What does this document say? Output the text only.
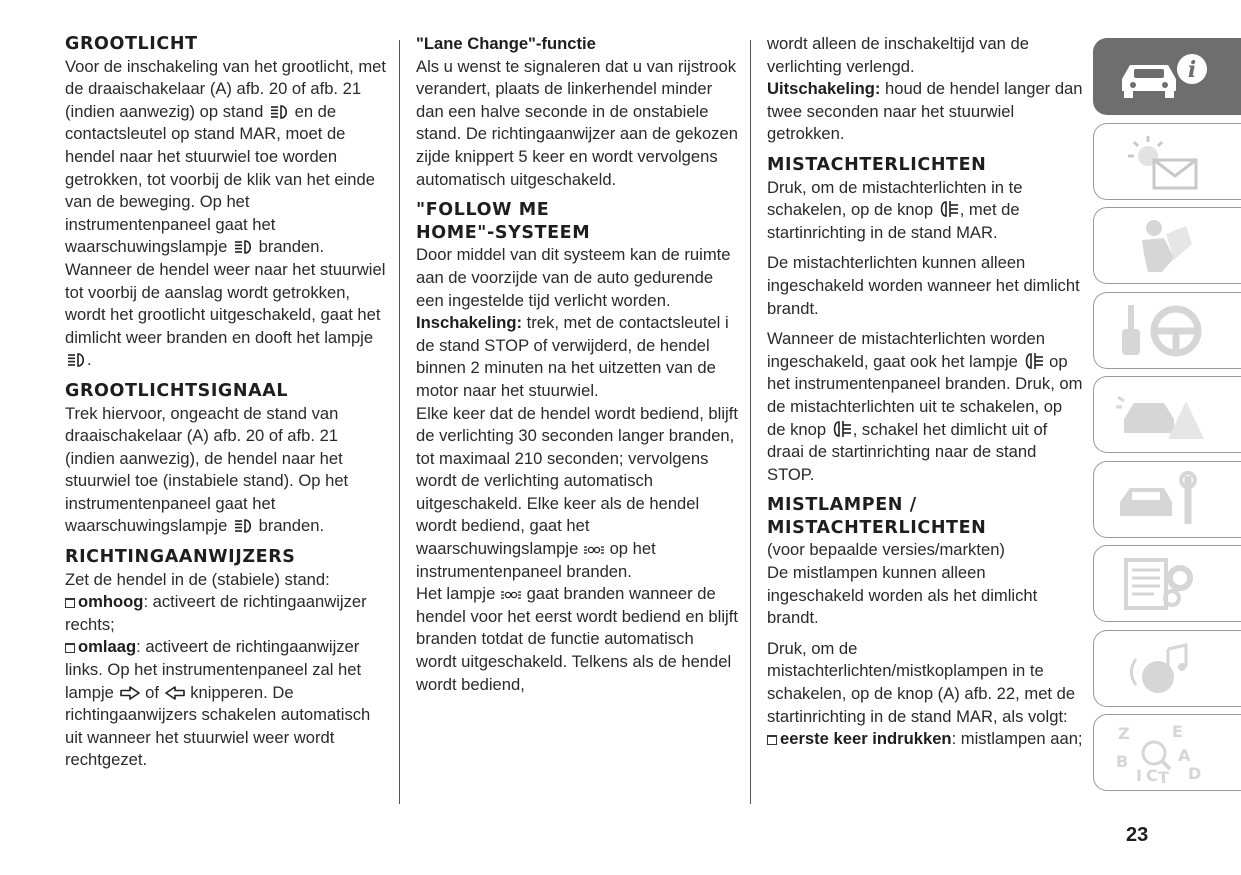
GROOTLICHT

Voor de inschakeling van het grootlicht, met de draaischakelaar (A) afb. 20 of afb. 21 (indien aanwezig) op stand en de contactsleutel op stand MAR, moet de hendel naar het stuurwiel toe worden getrokken, tot voorbij de klik van het einde van de beweging. Op het instrumentenpaneel gaat het waarschuwingslampje branden. Wanneer de hendel weer naar het stuurwiel tot voorbij de aanslag wordt getrokken, wordt het grootlicht uitgeschakeld, gaat het dimlicht weer branden en dooft het lampje .

GROOTLICHTSIGNAAL

Trek hiervoor, ongeacht de stand van draaischakelaar (A) afb. 20 of afb. 21 (indien aanwezig), de hendel naar het stuurwiel toe (instabiele stand). Op het instrumentenpaneel gaat het waarschuwingslampje branden.

RICHTINGAANWIJZERS

Zet de hendel in de (stabiele) stand:

omhoog: activeert de richtingaanwijzer rechts;

omlaag: activeert de richtingaanwijzer links. Op het instrumentenpaneel zal het lampje of knipperen. De richtingaanwijzers schakelen automatisch uit wanneer het stuurwiel weer wordt rechtgezet.

"Lane Change"-functie

Als u wenst te signaleren dat u van rijstrook verandert, plaats de linkerhendel minder dan een halve seconde in de onstabiele stand. De richtingaanwijzer aan de gekozen zijde knippert 5 keer en wordt vervolgens automatisch uitgeschakeld.

"FOLLOW ME
HOME"-SYSTEEM

Door middel van dit systeem kan de ruimte aan de voorzijde van de auto gedurende een ingestelde tijd verlicht worden.

Inschakeling: trek, met de contactsleutel i de stand STOP of verwijderd, de hendel binnen 2 minuten na het uitzetten van de motor naar het stuurwiel.

Elke keer dat de hendel wordt bediend, blijft de verlichting 30 seconden langer branden, tot maximaal 210 seconden; vervolgens wordt de verlichting automatisch uitgeschakeld. Elke keer als de hendel wordt bediend, gaat het waarschuwingslampje op het instrumentenpaneel branden.

Het lampje gaat branden wanneer de hendel voor het eerst wordt bediend en blijft branden totdat de functie automatisch wordt uitgeschakeld. Telkens als de hendel wordt bediend,

wordt alleen de inschakeltijd van de verlichting verlengd.

Uitschakeling: houd de hendel langer dan twee seconden naar het stuurwiel getrokken.

MISTACHTERLICHTEN

Druk, om de mistachterlichten in te schakelen, op de knop , met de startinrichting in de stand MAR.

De mistachterlichten kunnen alleen ingeschakeld worden wanneer het dimlicht brandt.

Wanneer de mistachterlichten worden ingeschakeld, gaat ook het lampje op het instrumentenpaneel branden. Druk, om de mistachterlichten uit te schakelen, op de knop , schakel het dimlicht uit of draai de startinrichting naar de stand STOP.

MISTLAMPEN /
MISTACHTERLICHTEN

(voor bepaalde versies/markten)

De mistlampen kunnen alleen ingeschakeld worden als het dimlicht brandt.

Druk, om de mistachterlichten/mistkoplampen in te schakelen, op de knop (A) afb. 22, met de startinrichting in de stand MAR, als volgt:

eerste keer indrukken: mistlampen aan;

i
Z	E
B	A
I C T D
23
